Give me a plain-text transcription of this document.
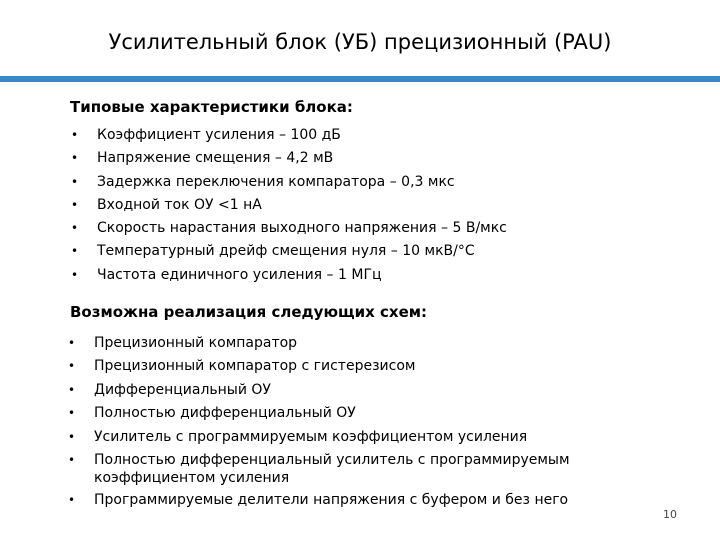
Усилительный блок (УБ) прецизионный (PAU)
Типовые характеристики блока:
• Коэффициент усиления – 100 дБ
• Напряжение смещения – 4,2 мВ
• Задержка переключения компаратора – 0,3 мкс
• Входной ток ОУ <1 нА
• Скорость нарастания выходного напряжения – 5 В/мкс
• Температурный дрейф смещения нуля – 10 мкВ/°С
• Частота единичного усиления – 1 МГц
Возможна реализация следующих схем:
• Прецизионный компаратор
• Прецизионный компаратор с гистерезисом
• Дифференциальный ОУ
• Полностью дифференциальный ОУ
• Усилитель с программируемым коэффициентом усиления
• Полностью дифференциальный усилитель с программируемым коэффициентом усиления
• Программируемые делители напряжения с буфером и без него
10
